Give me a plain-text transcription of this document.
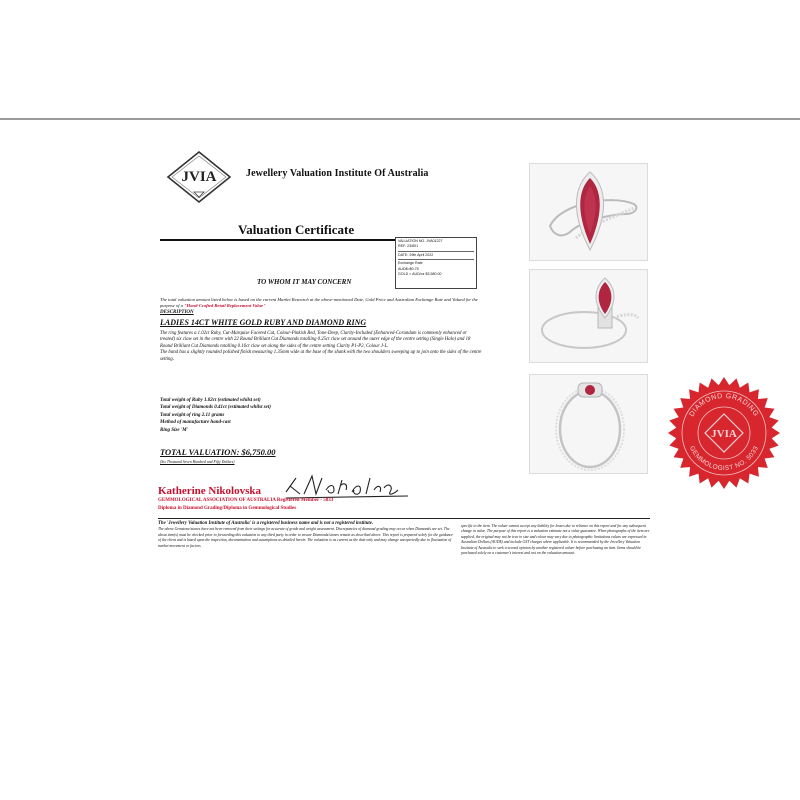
JVIA	Jewellery Valuation Institute Of Australia
Valuation Certificate
VALUATION NO. JVA01227
REF: 23/801
DATE: 29th April 2022
Exchange Rate
AUD$=$0.75
GOLD = AUD/oz $3,580.00
TO WHOM IT MAY CONCERN
The total valuation amount listed below is based on the current Market Research at the above-mentioned Date, Gold Price and Australian Exchange Rate and Valued for the purpose of a "Hand-Crafted Retail Replacement Value"
DESCRIPTION
LADIES 14CT WHITE GOLD RUBY AND DIAMOND RING
The ring features a 1.02ct Ruby, Cut-Marquise Faceted Cut, Colour-Pinkish Red, Tone-Deep, Clarity-Included (Enhanced-Corundum is commonly enhanced or treated) six claw set in the centre with 22 Round Brilliant Cut Diamonds totalling 0.25ct claw set around the outer edge of the centre setting (Single Halo) and 18 Round Brilliant Cut Diamonds totalling 0.16ct claw set along the sides of the centre setting Clarity P1-P2, Colour J-L.
The band has a slightly rounded polished finish measuring 1.35mm wide at the base of the shank with the two shoulders sweeping up to join onto the sides of the centre setting.
Total weight of Ruby 1.02ct (estimated whilst set)
Total weight of Diamonds 0.41ct (estimated whilst set)
Total weight of ring 2.11 grams
Method of manufacture hand-cast
Ring Size 'M'
TOTAL VALUATION: $6,750.00
(Six Thousand Seven Hundred and Fifty Dollars)
Katherine Nikolovska
GEMMOLOGICAL ASSOCIATION OF AUSTRALIA Registered Member - 5033
Diploma in Diamond Grading/Diploma in Gemmological Studies
The 'Jewellery Valuation Institute of Australia' is a registered business name and is not a registered institute.
The above Gemstone/stones have not been removed from their settings for accurate of grade and weight assessment. Discrepancies of diamond grading may occur when Diamonds are set. The about item(s) must be checked prior to forwarding this valuation to any third party in order to ensure Diamonds/stones remain as described above. This report is prepared solely for the guidance of the client and is based upon the inspection, documentation and assumptions as detailed herein. The valuation is as current as the date only and may change unexpectedly due to fluctuation of market movement or factors
specific to the item. The valuer cannot accept any liability for losses due to reliance on this report and for any subsequent change in value. The purpose of this report is a valuation estimate not a value guarantee. When photographs of the item are supplied, the original may not be true to size and colour may vary due to photographic limitations values are expressed in Australian Dollars (AUD$) and include GST charges where applicable. It is recommended by the Jewellery Valuation Institute of Australia to seek a second opinion by another registered valuer before purchasing an item. Items should be purchased solely on a customer's interest and not on the valuation amount.
DIAMOND GRADING
GEMMOLOGIST NO. 5033
JVIA
